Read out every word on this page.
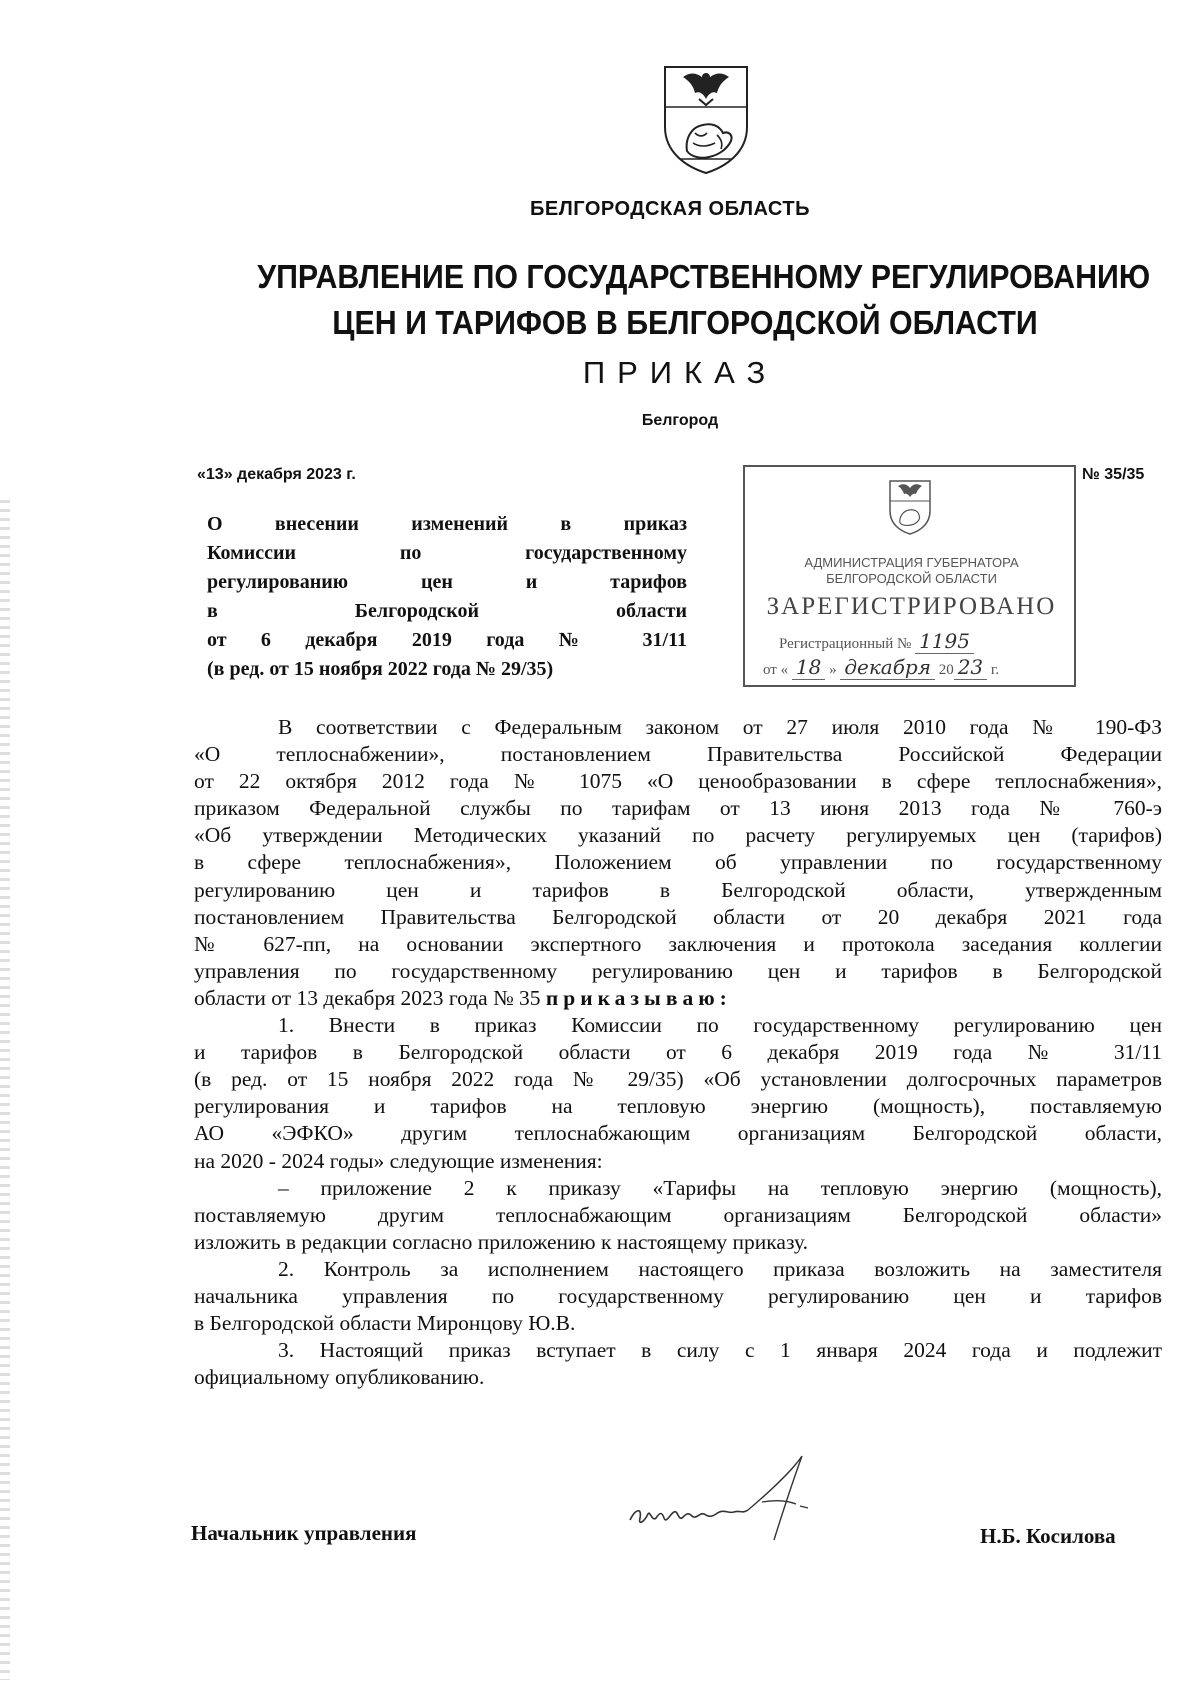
БЕЛГОРОДСКАЯ ОБЛАСТЬ
УПРАВЛЕНИЕ ПО ГОСУДАРСТВЕННОМУ РЕГУЛИРОВАНИЮ
ЦЕН И ТАРИФОВ В БЕЛГОРОДСКОЙ ОБЛАСТИ
ПРИКАЗ
Белгород
«13» декабря 2023 г.	№ 35/35
О внесении изменений в приказ
Комиссии по государственному
регулированию цен и тарифов
в Белгородской области
от 6 декабря 2019 года № 31/11
(в ред. от 15 ноября 2022 года № 29/35)
АДМИНИСТРАЦИЯ ГУБЕРНАТОРА
БЕЛГОРОДСКОЙ ОБЛАСТИ
ЗАРЕГИСТРИРОВАНО
Регистрационный № 1195
от « 18 » декабря 20 23 г.
В соответствии с Федеральным законом от 27 июля 2010 года № 190-ФЗ
«О теплоснабжении», постановлением Правительства Российской Федерации
от 22 октября 2012 года № 1075 «О ценообразовании в сфере теплоснабжения»,
приказом Федеральной службы по тарифам от 13 июня 2013 года № 760-э
«Об утверждении Методических указаний по расчету регулируемых цен (тарифов)
в сфере теплоснабжения», Положением об управлении по государственному
регулированию цен и тарифов в Белгородской области, утвержденным
постановлением Правительства Белгородской области от 20 декабря 2021 года
№ 627-пп, на основании экспертного заключения и протокола заседания коллегии
управления по государственному регулированию цен и тарифов в Белгородской
области от 13 декабря 2023 года № 35 приказываю:
1. Внести в приказ Комиссии по государственному регулированию цен
и тарифов в Белгородской области от 6 декабря 2019 года № 31/11
(в ред. от 15 ноября 2022 года № 29/35) «Об установлении долгосрочных параметров
регулирования и тарифов на тепловую энергию (мощность), поставляемую
АО «ЭФКО» другим теплоснабжающим организациям Белгородской области,
на 2020 - 2024 годы» следующие изменения:
– приложение 2 к приказу «Тарифы на тепловую энергию (мощность),
поставляемую другим теплоснабжающим организациям Белгородской области»
изложить в редакции согласно приложению к настоящему приказу.
2. Контроль за исполнением настоящего приказа возложить на заместителя
начальника управления по государственному регулированию цен и тарифов
в Белгородской области Миронцову Ю.В.
3. Настоящий приказ вступает в силу с 1 января 2024 года и подлежит
официальному опубликованию.
Начальник управления	Н.Б. Косилова
